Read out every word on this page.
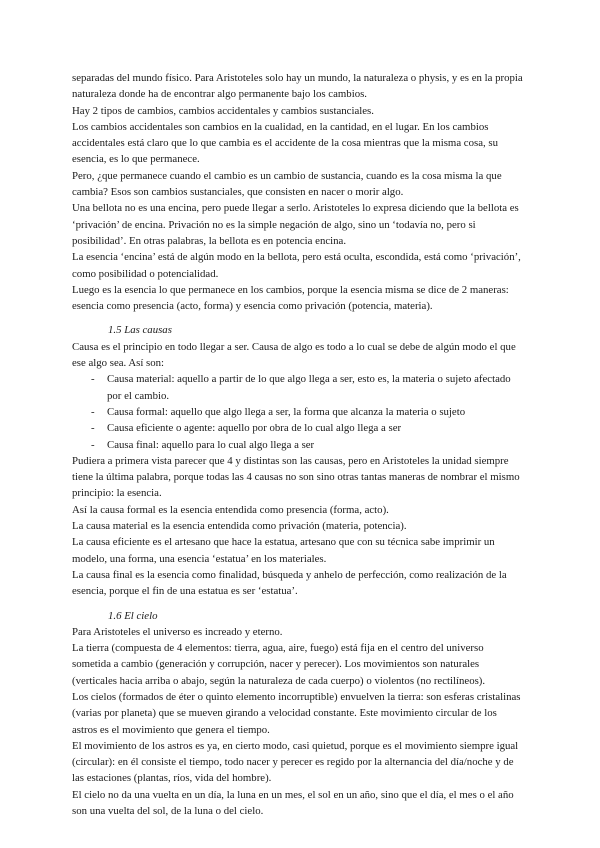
separadas del mundo físico. Para Aristoteles solo hay un mundo, la naturaleza o physis, y es en la propia naturaleza donde ha de encontrar algo permanente bajo los cambios.

Hay 2 tipos de cambios, cambios accidentales y cambios sustanciales.

Los cambios accidentales son cambios en la cualidad, en la cantidad, en el lugar. En los cambios accidentales está claro que lo que cambia es el accidente de la cosa mientras que la misma cosa, su esencia, es lo que permanece.

Pero, ¿que permanece cuando el cambio es un cambio de sustancia, cuando es la cosa misma la que cambia? Esos son cambios sustanciales, que consisten en nacer o morir algo.

Una bellota no es una encina, pero puede llegar a serlo. Aristoteles lo expresa diciendo que la bellota es ‘privación’ de encina. Privación no es la simple negación de algo, sino un ‘todavía no, pero si posibilidad’. En otras palabras, la bellota es en potencia encina.

La esencia ‘encina’ está de algún modo en la bellota, pero está oculta, escondida, está como ‘privación’, como posibilidad o potencialidad.

Luego es la esencia lo que permanece en los cambios, porque la esencia misma se dice de 2 maneras: esencia como presencia (acto, forma) y esencia como privación (potencia, materia).

1.5 Las causas

Causa es el principio en todo llegar a ser. Causa de algo es todo a lo cual se debe de algún modo el que ese algo sea. Así son:

- Causa material: aquello a partir de lo que algo llega a ser, esto es, la materia o sujeto afectado por el cambio.
- Causa formal: aquello que algo llega a ser, la forma que alcanza la materia o sujeto
- Causa eficiente o agente: aquello por obra de lo cual algo llega a ser
- Causa final: aquello para lo cual algo llega a ser

Pudiera a primera vista parecer que 4 y distintas son las causas, pero en Aristoteles la unidad siempre tiene la última palabra, porque todas las 4 causas no son sino otras tantas maneras de nombrar el mismo principio: la esencia.

Así la causa formal es la esencia entendida como presencia (forma, acto).

La causa material es la esencia entendida como privación (materia, potencia).

La causa eficiente es el artesano que hace la estatua, artesano que con su técnica sabe imprimir un modelo, una forma, una esencia ‘estatua’ en los materiales.

La causa final es la esencia como finalidad, búsqueda y anhelo de perfección, como realización de la esencia, porque el fin de una estatua es ser ‘estatua’.

1.6 El cielo

Para Aristoteles el universo es increado y eterno.

La tierra (compuesta de 4 elementos: tierra, agua, aire, fuego) está fija en el centro del universo sometida a cambio (generación y corrupción, nacer y perecer). Los movimientos son naturales (verticales hacia arriba o abajo, según la naturaleza de cada cuerpo) o violentos (no rectilíneos).

Los cielos (formados de éter o quinto elemento incorruptible) envuelven la tierra: son esferas cristalinas (varias por planeta) que se mueven girando a velocidad constante. Este movimiento circular de los astros es el movimiento que genera el tiempo.

El movimiento de los astros es ya, en cierto modo, casi quietud, porque es el movimiento siempre igual (circular): en él consiste el tiempo, todo nacer y perecer es regido por la alternancia del día/noche y de las estaciones (plantas, ríos, vida del hombre).

El cielo no da una vuelta en un día, la luna en un mes, el sol en un año, sino que el día, el mes o el año son una vuelta del sol, de la luna o del cielo.
